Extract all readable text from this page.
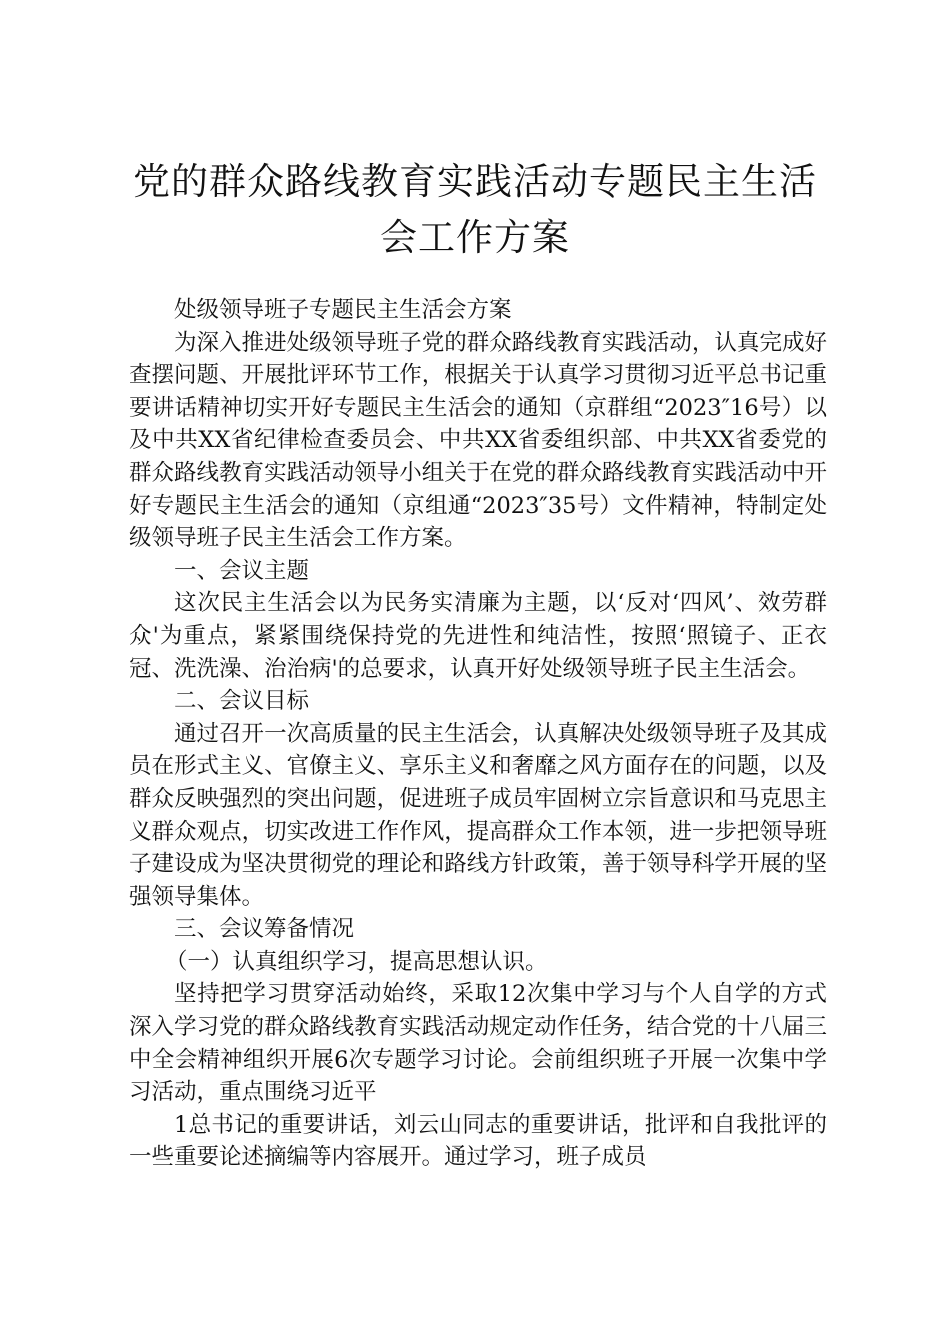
党的群众路线教育实践活动专题民主生活会工作方案

处级领导班子专题民主生活会方案

为深入推进处级领导班子党的群众路线教育实践活动，认真完成好查摆问题、开展批评环节工作，根据关于认真学习贯彻习近平总书记重要讲话精神切实开好专题民主生活会的通知（京群组“2023″16号）以及中共XX省纪律检查委员会、中共XX省委组织部、中共XX省委党的群众路线教育实践活动领导小组关于在党的群众路线教育实践活动中开好专题民主生活会的通知（京组通“2023″35号）文件精神，特制定处级领导班子民主生活会工作方案。

一、会议主题

这次民主生活会以为民务实清廉为主题，以‘反对‘四风’、效劳群众'为重点，紧紧围绕保持党的先进性和纯洁性，按照‘照镜子、正衣冠、洗洗澡、治治病'的总要求，认真开好处级领导班子民主生活会。

二、会议目标

通过召开一次高质量的民主生活会，认真解决处级领导班子及其成员在形式主义、官僚主义、享乐主义和奢靡之风方面存在的问题，以及群众反映强烈的突出问题，促进班子成员牢固树立宗旨意识和马克思主义群众观点，切实改进工作作风，提高群众工作本领，进一步把领导班子建设成为坚决贯彻党的理论和路线方针政策，善于领导科学开展的坚强领导集体。

三、会议筹备情况

（一）认真组织学习，提高思想认识。

坚持把学习贯穿活动始终，采取12次集中学习与个人自学的方式深入学习党的群众路线教育实践活动规定动作任务，结合党的十八届三中全会精神组织开展6次专题学习讨论。会前组织班子开展一次集中学习活动，重点围绕习近平

1总书记的重要讲话，刘云山同志的重要讲话，批评和自我批评的一些重要论述摘编等内容展开。通过学习，班子成员
